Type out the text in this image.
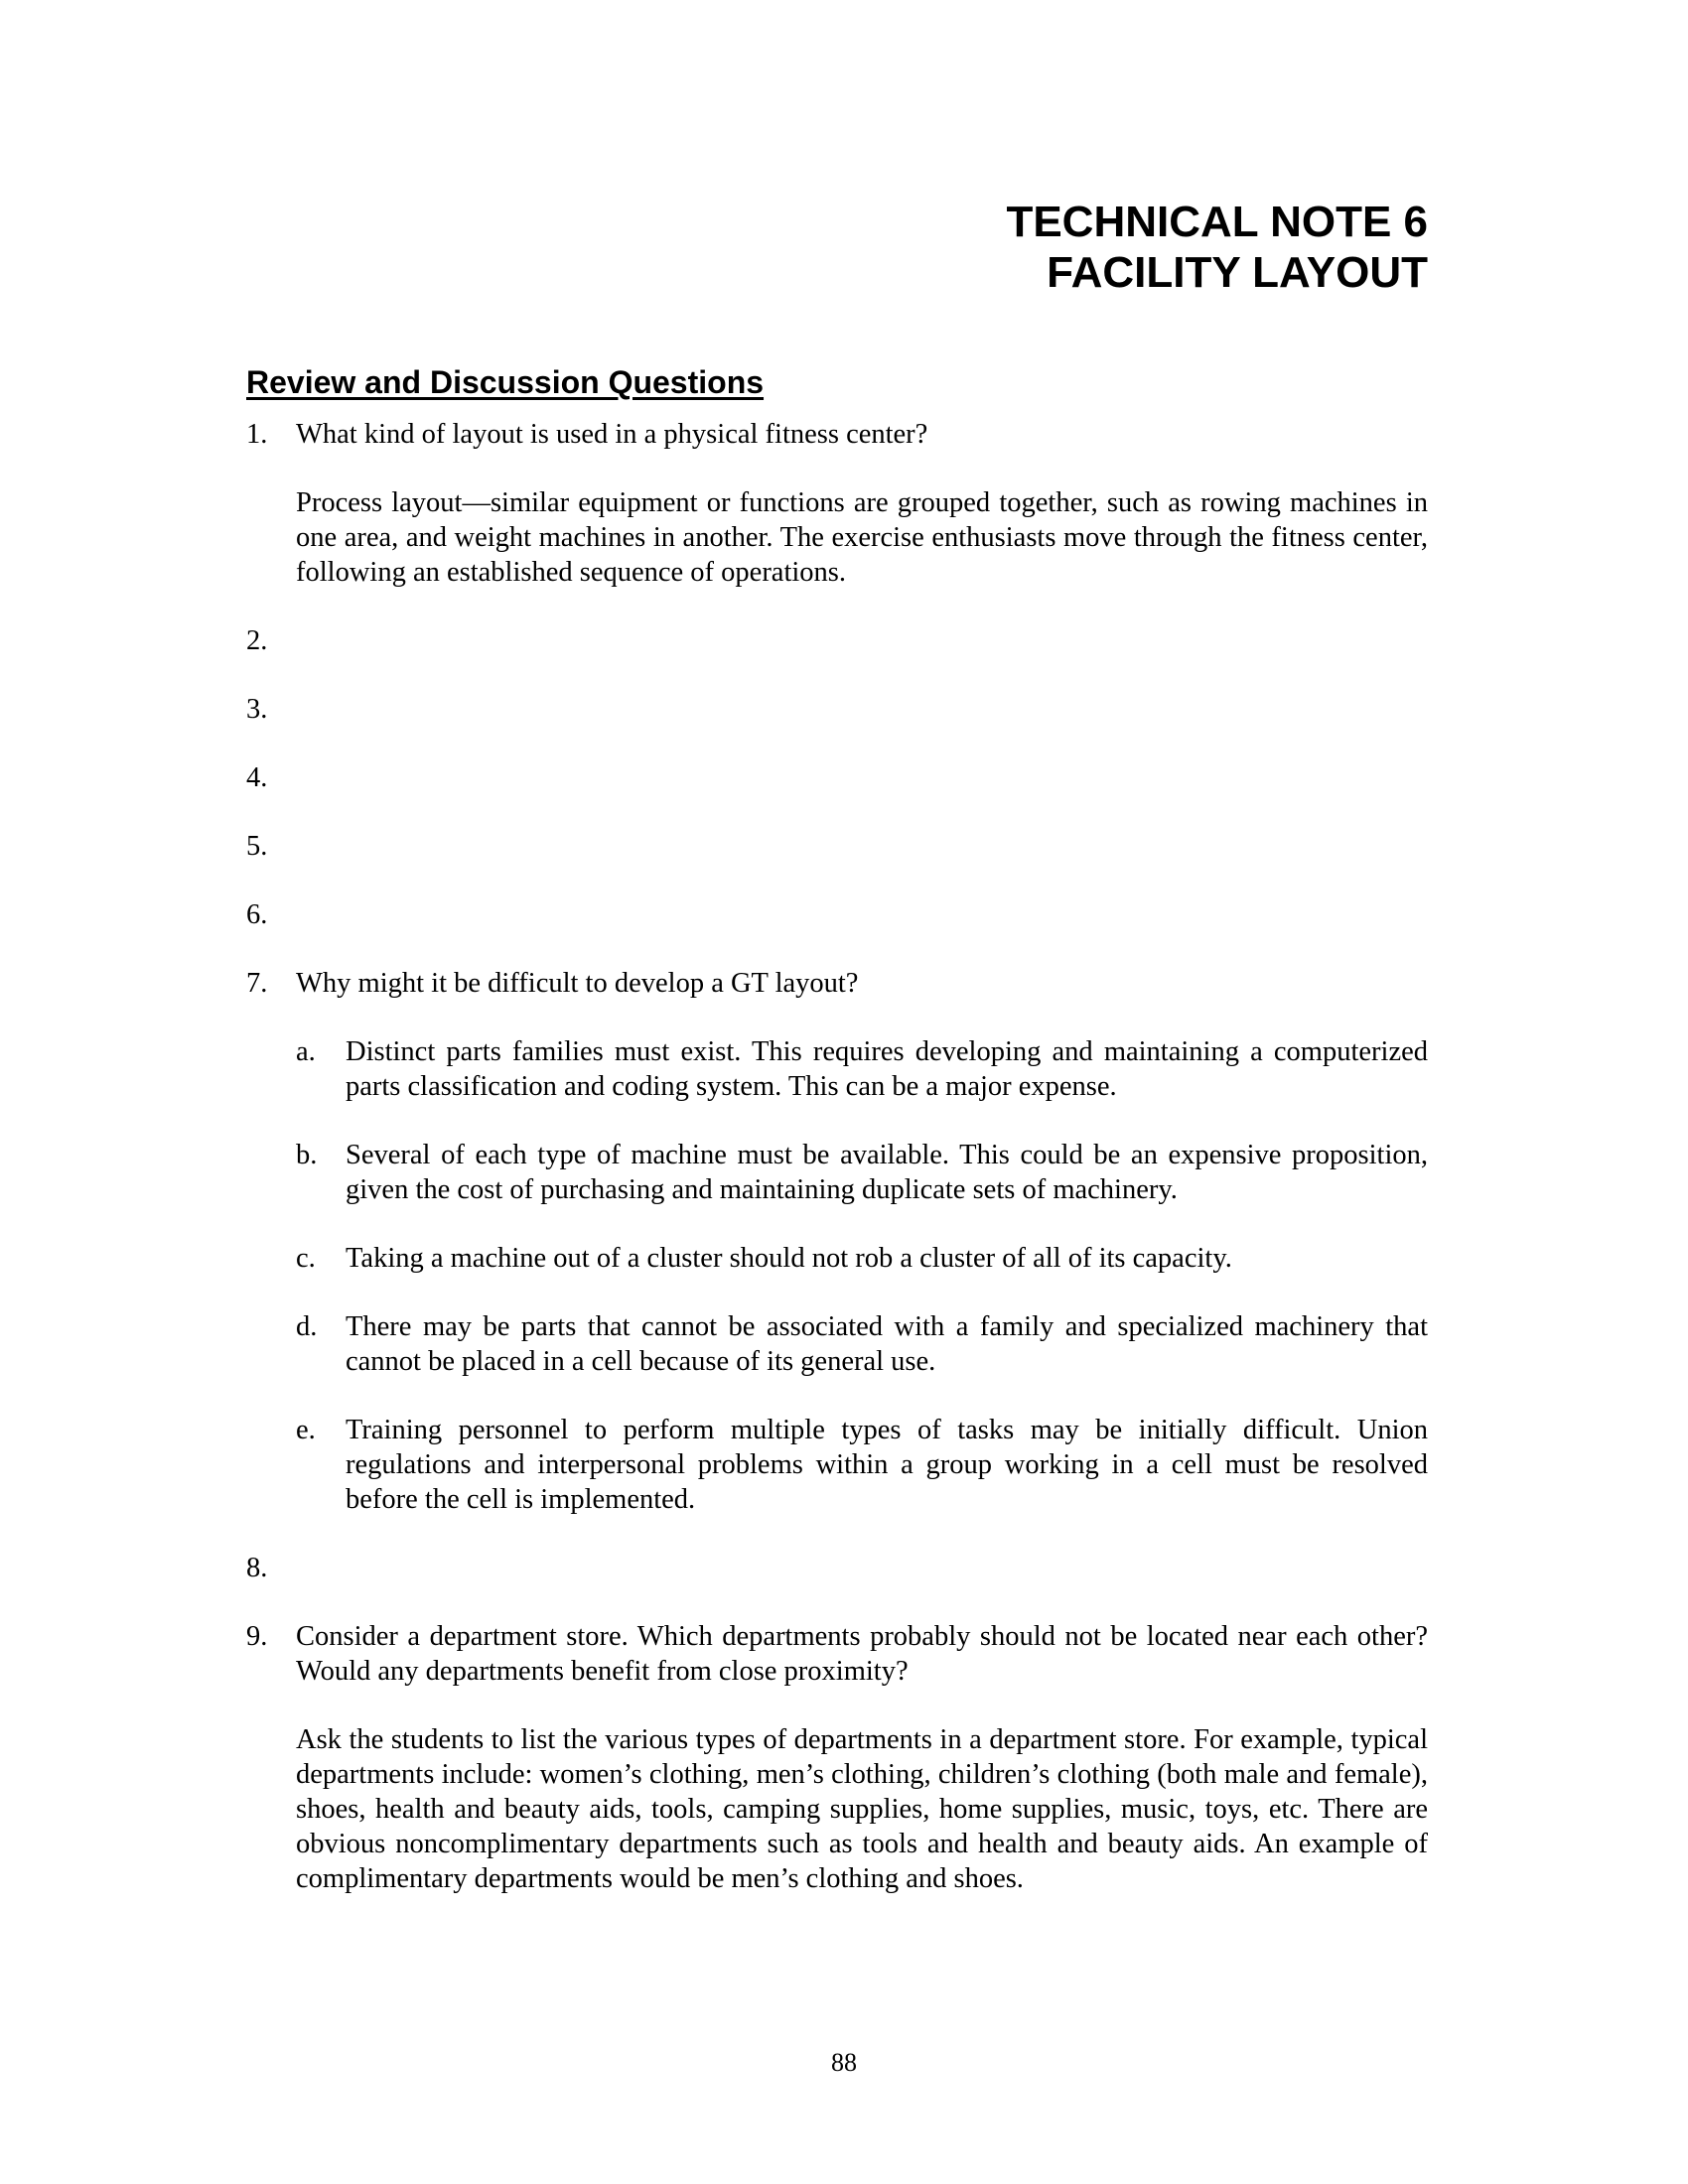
TECHNICAL NOTE 6
FACILITY LAYOUT
Review and Discussion Questions
1.	What kind of layout is used in a physical fitness center?
Process layout—similar equipment or functions are grouped together, such as rowing machines in one area, and weight machines in another. The exercise enthusiasts move through the fitness center, following an established sequence of operations.
2.
3.
4.
5.
6.
7.	Why might it be difficult to develop a GT layout?
a.	Distinct parts families must exist. This requires developing and maintaining a computerized parts classification and coding system. This can be a major expense.
b.	Several of each type of machine must be available. This could be an expensive proposition, given the cost of purchasing and maintaining duplicate sets of machinery.
c.	Taking a machine out of a cluster should not rob a cluster of all of its capacity.
d.	There may be parts that cannot be associated with a family and specialized machinery that cannot be placed in a cell because of its general use.
e.	Training personnel to perform multiple types of tasks may be initially difficult. Union regulations and interpersonal problems within a group working in a cell must be resolved before the cell is implemented.
8.
9.	Consider a department store. Which departments probably should not be located near each other? Would any departments benefit from close proximity?
Ask the students to list the various types of departments in a department store. For example, typical departments include: women’s clothing, men’s clothing, children’s clothing (both male and female), shoes, health and beauty aids, tools, camping supplies, home supplies, music, toys, etc. There are obvious noncomplimentary departments such as tools and health and beauty aids. An example of complimentary departments would be men’s clothing and shoes.
88
